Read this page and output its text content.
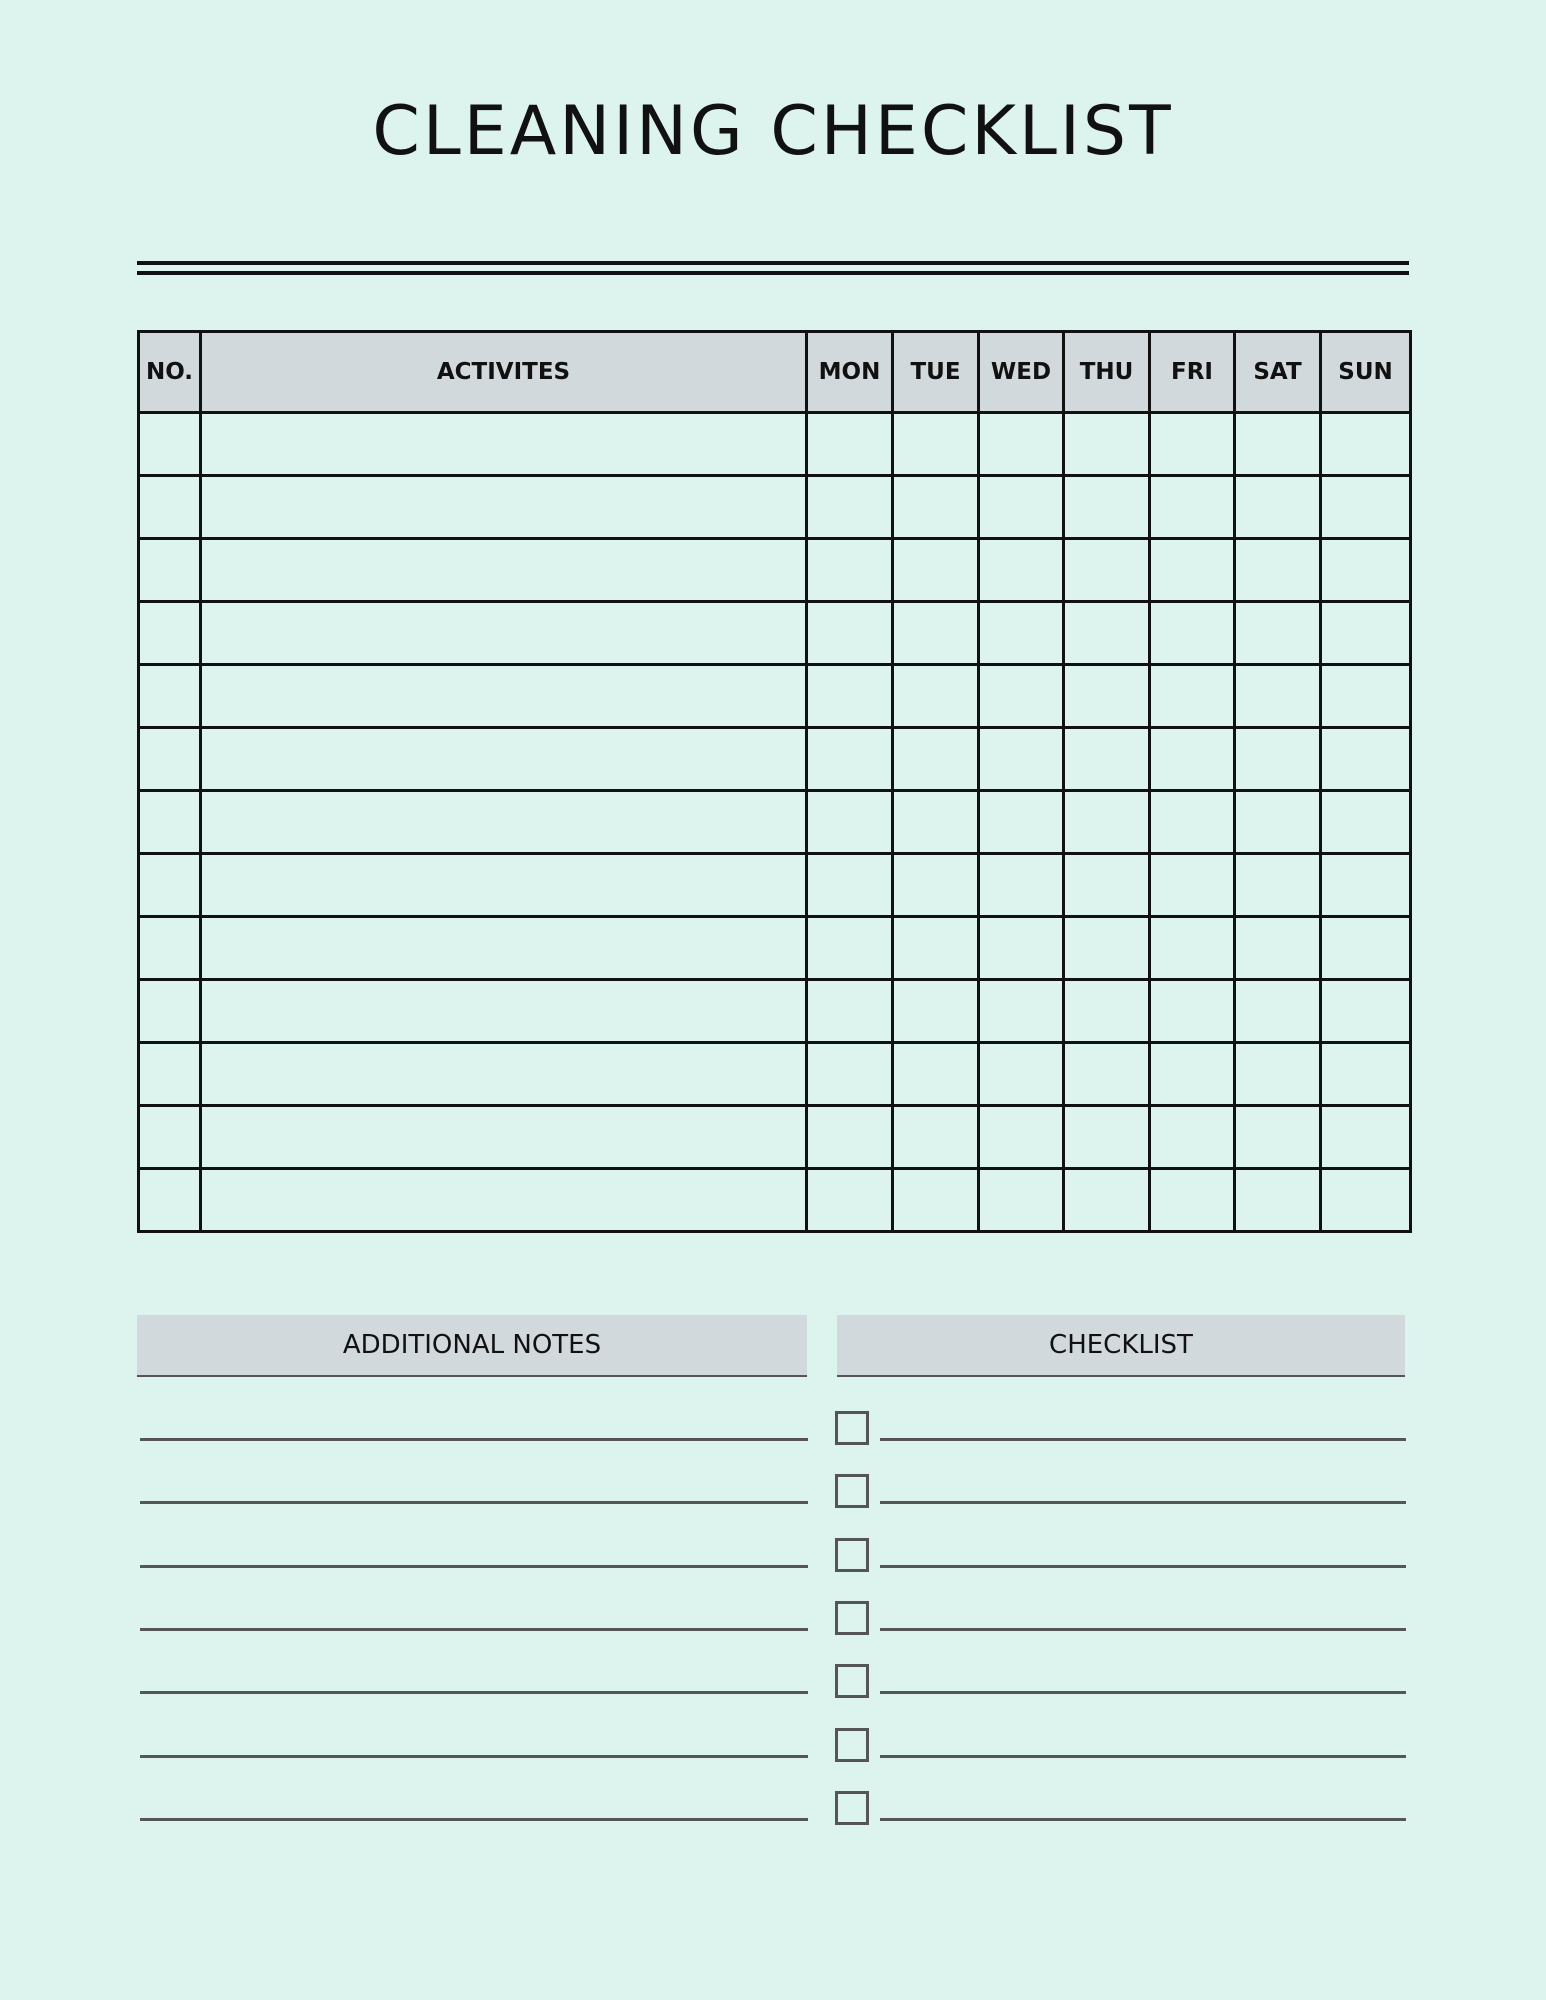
CLEANING CHECKLIST
NO.	ACTIVITES	MON	TUE	WED	THU	FRI	SAT	SUN

ADDITIONAL NOTES	CHECKLIST
